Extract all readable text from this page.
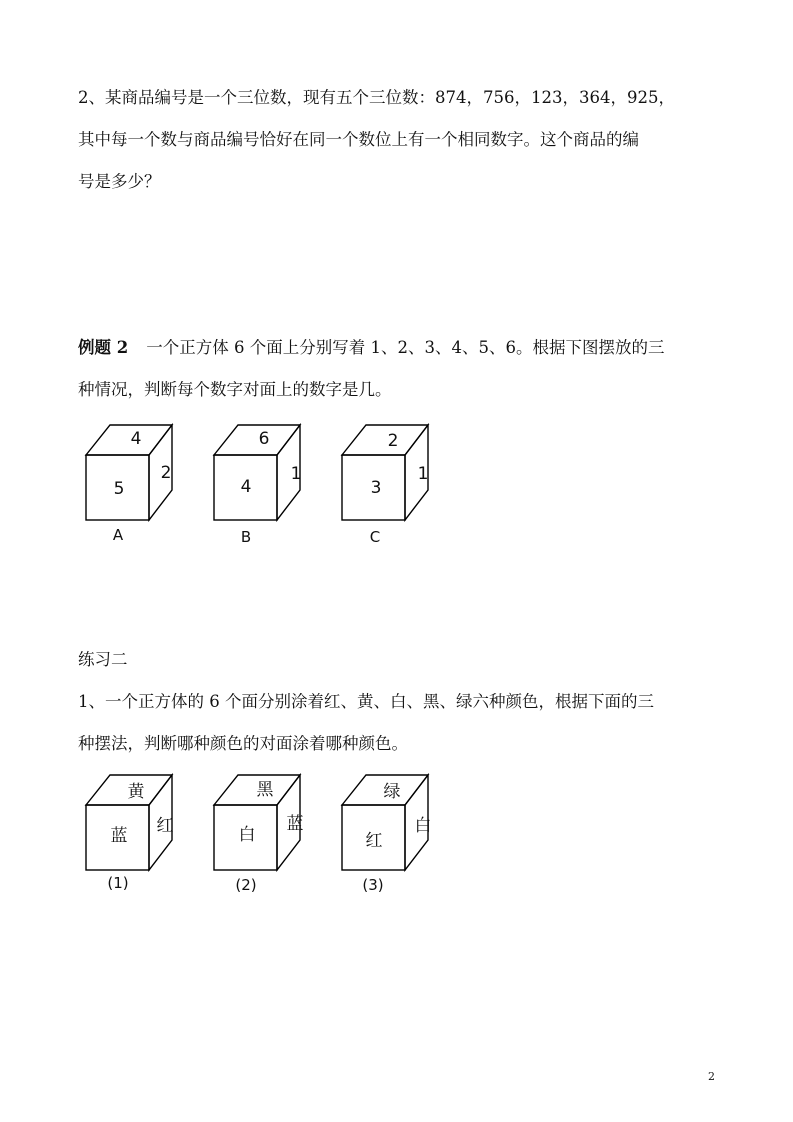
2、某商品编号是一个三位数，现有五个三位数：874，756，123，364，925，
其中每一个数与商品编号恰好在同一个数位上有一个相同数字。这个商品的编
号是多少？
例题 2 一个正方体 6 个面上分别写着 1、2、3、4、5、6。根据下图摆放的三
种情况，判断每个数字对面上的数字是几。
4
5
2
A
6
4
1
B
2
3
1
C
练习二
1、一个正方体的 6 个面分别涂着红、黄、白、黑、绿六种颜色，根据下面的三
种摆法，判断哪种颜色的对面涂着哪种颜色。
黄
蓝 红
(1)
黑
白
蓝
(2)
绿
红
白
(3)
2
